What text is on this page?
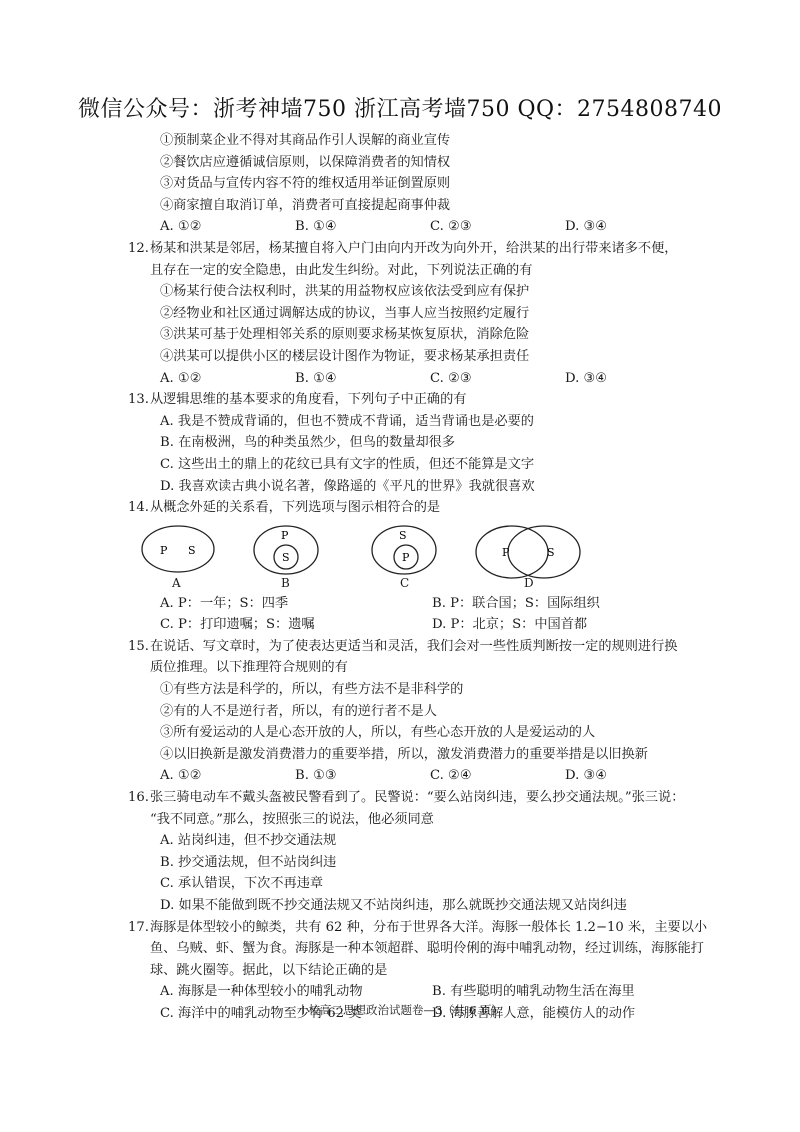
微信公众号：浙考神墙750 浙江高考墙750 QQ：2754808740
①预制菜企业不得对其商品作引人误解的商业宣传
②餐饮店应遵循诚信原则，以保障消费者的知情权
③对货品与宣传内容不符的维权适用举证倒置原则
④商家擅自取消订单，消费者可直接提起商事仲裁
A. ①②	B. ①④	C. ②③	D. ③④
12.杨某和洪某是邻居，杨某擅自将入户门由向内开改为向外开，给洪某的出行带来诸多不便，
且存在一定的安全隐患，由此发生纠纷。对此，下列说法正确的有
①杨某行使合法权利时，洪某的用益物权应该依法受到应有保护
②经物业和社区通过调解达成的协议，当事人应当按照约定履行
③洪某可基于处理相邻关系的原则要求杨某恢复原状，消除危险
④洪某可以提供小区的楼层设计图作为物证，要求杨某承担责任
A. ①②	B. ①④	C. ②③	D. ③④
13.从逻辑思维的基本要求的角度看，下列句子中正确的有
A. 我是不赞成背诵的，但也不赞成不背诵，适当背诵也是必要的
B. 在南极洲，鸟的种类虽然少，但鸟的数量却很多
C. 这些出土的鼎上的花纹已具有文字的性质，但还不能算是文字
D. 我喜欢读古典小说名著，像路遥的《平凡的世界》我就很喜欢
14.从概念外延的关系看，下列选项与图示相符合的是
P S
A
P
S
B
S
P
C
P	S
D
A. P：一年；S：四季	B. P：联合国；S：国际组织
C. P：打印遗嘱；S：遗嘱	D. P：北京；S：中国首都
15.在说话、写文章时，为了使表达更适当和灵活，我们会对一些性质判断按一定的规则进行换
质位推理。以下推理符合规则的有
①有些方法是科学的，所以，有些方法不是非科学的
②有的人不是逆行者，所以，有的逆行者不是人
③所有爱运动的人是心态开放的人，所以，有些心态开放的人是爱运动的人
④以旧换新是激发消费潜力的重要举措，所以，激发消费潜力的重要举措是以旧换新
A. ①②	B. ①③	C. ②④	D. ③④
16.张三骑电动车不戴头盔被民警看到了。民警说：“要么站岗纠违，要么抄交通法规。”张三说：
“我不同意。”那么，按照张三的说法，他必须同意
A. 站岗纠违，但不抄交通法规
B. 抄交通法规，但不站岗纠违
C. 承认错误，下次不再违章
D. 如果不能做到既不抄交通法规又不站岗纠违，那么就既抄交通法规又站岗纠违
17.海豚是体型较小的鲸类，共有 62 种，分布于世界各大洋。海豚一般体长 1.2−10 米，主要以小
鱼、乌贼、虾、蟹为食。海豚是一种本领超群、聪明伶俐的海中哺乳动物，经过训练，海豚能打
球、跳火圈等。据此，以下结论正确的是
A. 海豚是一种体型较小的哺乳动物	B. 有些聪明的哺乳动物生活在海里
C. 海洋中的哺乳动物至少有 62 类	D. 海豚善解人意，能模仿人的动作
十校高二思想政治试题卷—3（共 6 页）
